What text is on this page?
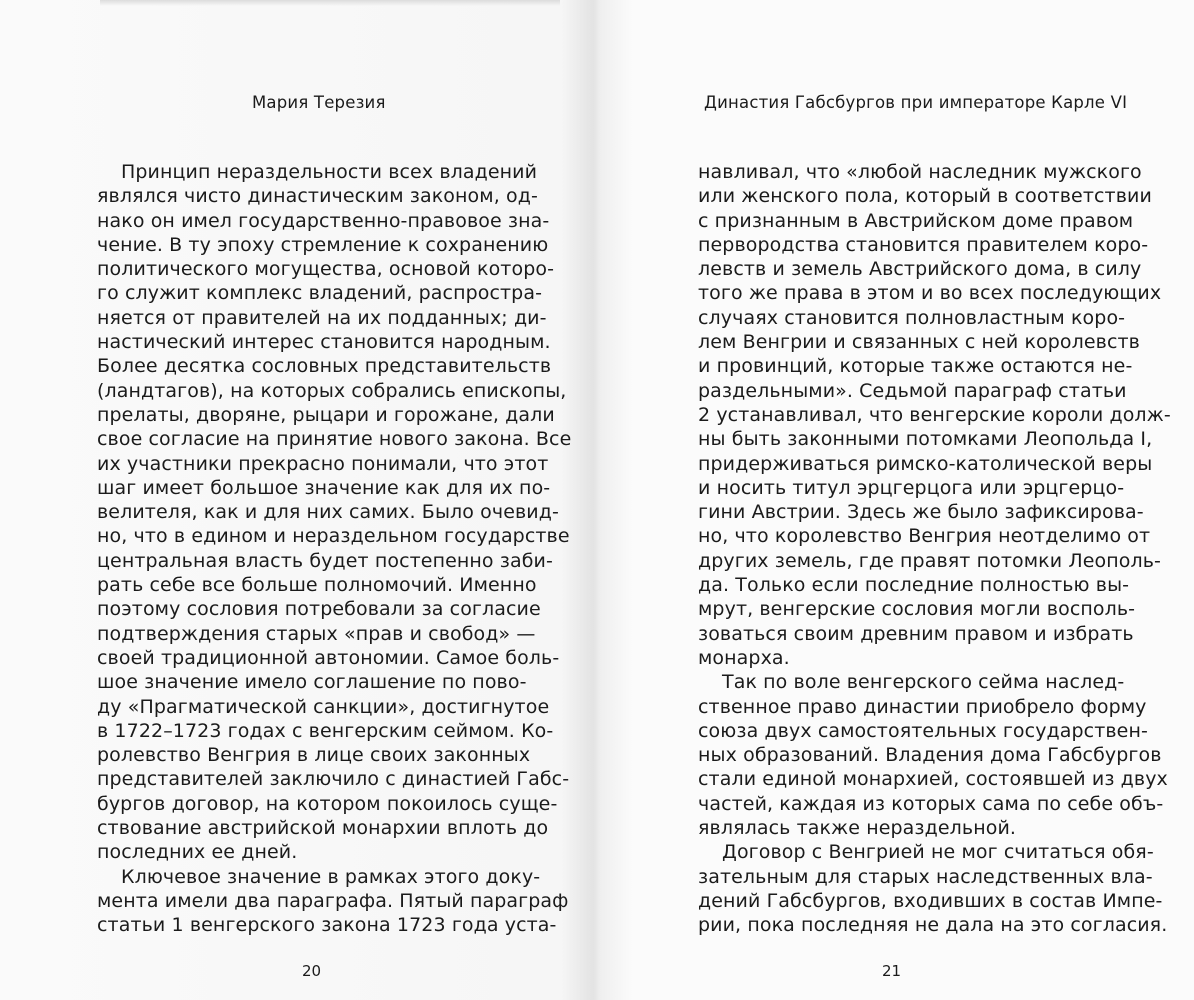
Мария Терезия
Принцип нераздельности всех владений
являлся чисто династическим законом, од-
нако он имел государственно-правовое зна-
чение. В ту эпоху стремление к сохранению
политического могущества, основой которо-
го служит комплекс владений, распростра-
няется от правителей на их подданных; ди-
настический интерес становится народным.
Более десятка сословных представительств
(ландтагов), на которых собрались епископы,
прелаты, дворяне, рыцари и горожане, дали
свое согласие на принятие нового закона. Все
их участники прекрасно понимали, что этот
шаг имеет большое значение как для их по-
велителя, как и для них самих. Было очевид-
но, что в едином и нераздельном государстве
центральная власть будет постепенно заби-
рать себе все больше полномочий. Именно
поэтому сословия потребовали за согласие
подтверждения старых «прав и свобод» —
своей традиционной автономии. Самое боль-
шое значение имело соглашение по пово-
ду «Прагматической санкции», достигнутое
в 1722–1723 годах с венгерским сеймом. Ко-
ролевство Венгрия в лице своих законных
представителей заключило с династией Габс-
бургов договор, на котором покоилось суще-
ствование австрийской монархии вплоть до
последних ее дней.
Ключевое значение в рамках этого доку-
мента имели два параграфа. Пятый параграф
статьи 1 венгерского закона 1723 года уста-
20
Династия Габсбургов при императоре Карле VI
навливал, что «любой наследник мужского
или женского пола, который в соответствии
с признанным в Австрийском доме правом
первородства становится правителем коро-
левств и земель Австрийского дома, в силу
того же права в этом и во всех последующих
случаях становится полновластным коро-
лем Венгрии и связанных с ней королевств
и провинций, которые также остаются не-
раздельными». Седьмой параграф статьи
2 устанавливал, что венгерские короли долж-
ны быть законными потомками Леопольда I,
придерживаться римско-католической веры
и носить титул эрцгерцога или эрцгерцо-
гини Австрии. Здесь же было зафиксирова-
но, что королевство Венгрия неотделимо от
других земель, где правят потомки Леополь-
да. Только если последние полностью вы-
мрут, венгерские сословия могли восполь-
зоваться своим древним правом и избрать
монарха.
Так по воле венгерского сейма наслед-
ственное право династии приобрело форму
союза двух самостоятельных государствен-
ных образований. Владения дома Габсбургов
стали единой монархией, состоявшей из двух
частей, каждая из которых сама по себе объ-
являлась также нераздельной.
Договор с Венгрией не мог считаться обя-
зательным для старых наследственных вла-
дений Габсбургов, входивших в состав Импе-
рии, пока последняя не дала на это согласия.
21
